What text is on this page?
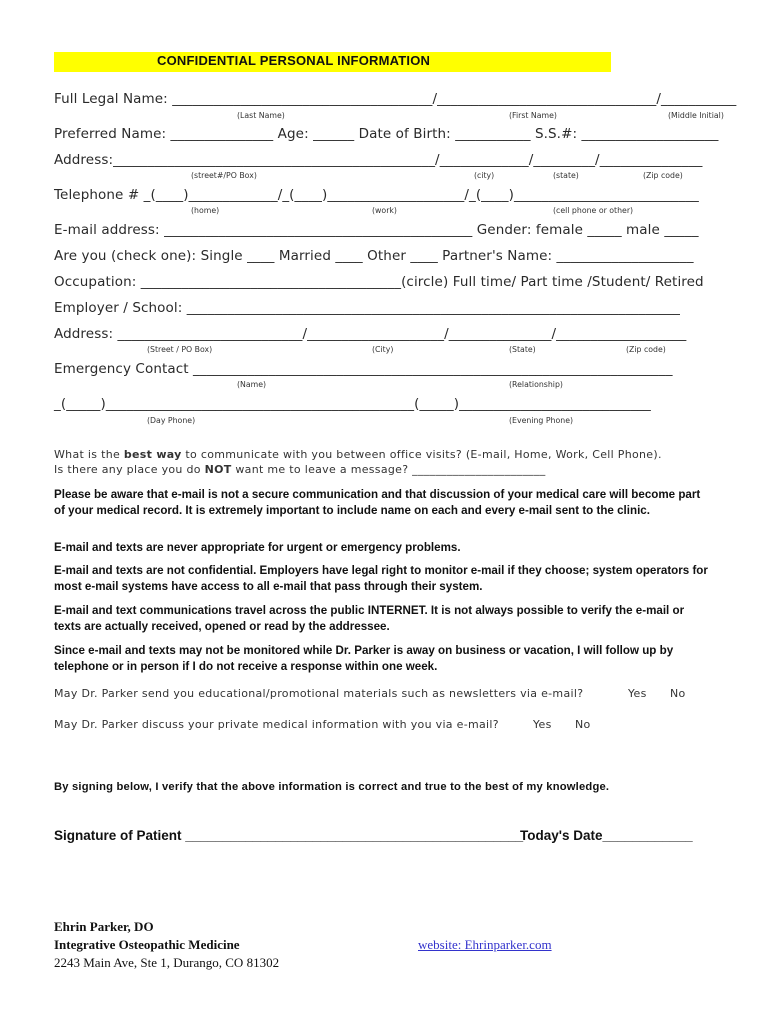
CONFIDENTIAL PERSONAL INFORMATION
Full Legal Name: ______________________________________/________________________________/___________
(Last Name)	(First Name)	(Middle Initial)
Preferred Name: _______________ Age: ______ Date of Birth: ___________ S.S.#: ____________________
Address:_______________________________________________/_____________/_________/_______________
(street#/PO Box)	(city)	(state)	(Zip code)
Telephone # _(____)_____________/_(____)____________________/_(____)___________________________
(home)	(work)	(cell phone or other)
E-mail address: _____________________________________________ Gender: female _____ male _____
Are you (check one): Single ____ Married ____ Other ____ Partner's Name: ____________________
Occupation: ______________________________________(circle) Full time/ Part time /Student/ Retired
Employer / School: ________________________________________________________________________
Address: ___________________________/____________________/_______________/___________________
(Street / PO Box)	(City)	(State)	(Zip code)
Emergency Contact ______________________________________________________________________
(Name)	(Relationship)
_(_____)_____________________________________________(_____)____________________________
(Day Phone)	(Evening Phone)
What is the best way to communicate with you between office visits? (E-mail, Home, Work, Cell Phone).
Is there any place you do NOT want me to leave a message? _______________________
Please be aware that e-mail is not a secure communication and that discussion of your medical care will become part of your medical record. It is extremely important to include name on each and every e-mail sent to the clinic.
E-mail and texts are never appropriate for urgent or emergency problems.
E-mail and texts are not confidential. Employers have legal right to monitor e-mail if they choose; system operators for most e-mail systems have access to all e-mail that pass through their system.
E-mail and text communications travel across the public INTERNET. It is not always possible to verify the e-mail or texts are actually received, opened or read by the addressee.
Since e-mail and texts may not be monitored while Dr. Parker is away on business or vacation, I will follow up by telephone or in person if I do not receive a response within one week.
May Dr. Parker send you educational/promotional materials such as newsletters via e-mail?	Yes No
May Dr. Parker discuss your private medical information with you via e-mail?	Yes No
By signing below, I verify that the above information is correct and true to the best of my knowledge.
Signature of Patient _____________________________________________
Today's Date____________
Ehrin Parker, DO
Integrative Osteopathic Medicine
2243 Main Ave, Ste 1, Durango, CO 81302
website: Ehrinparker.com
